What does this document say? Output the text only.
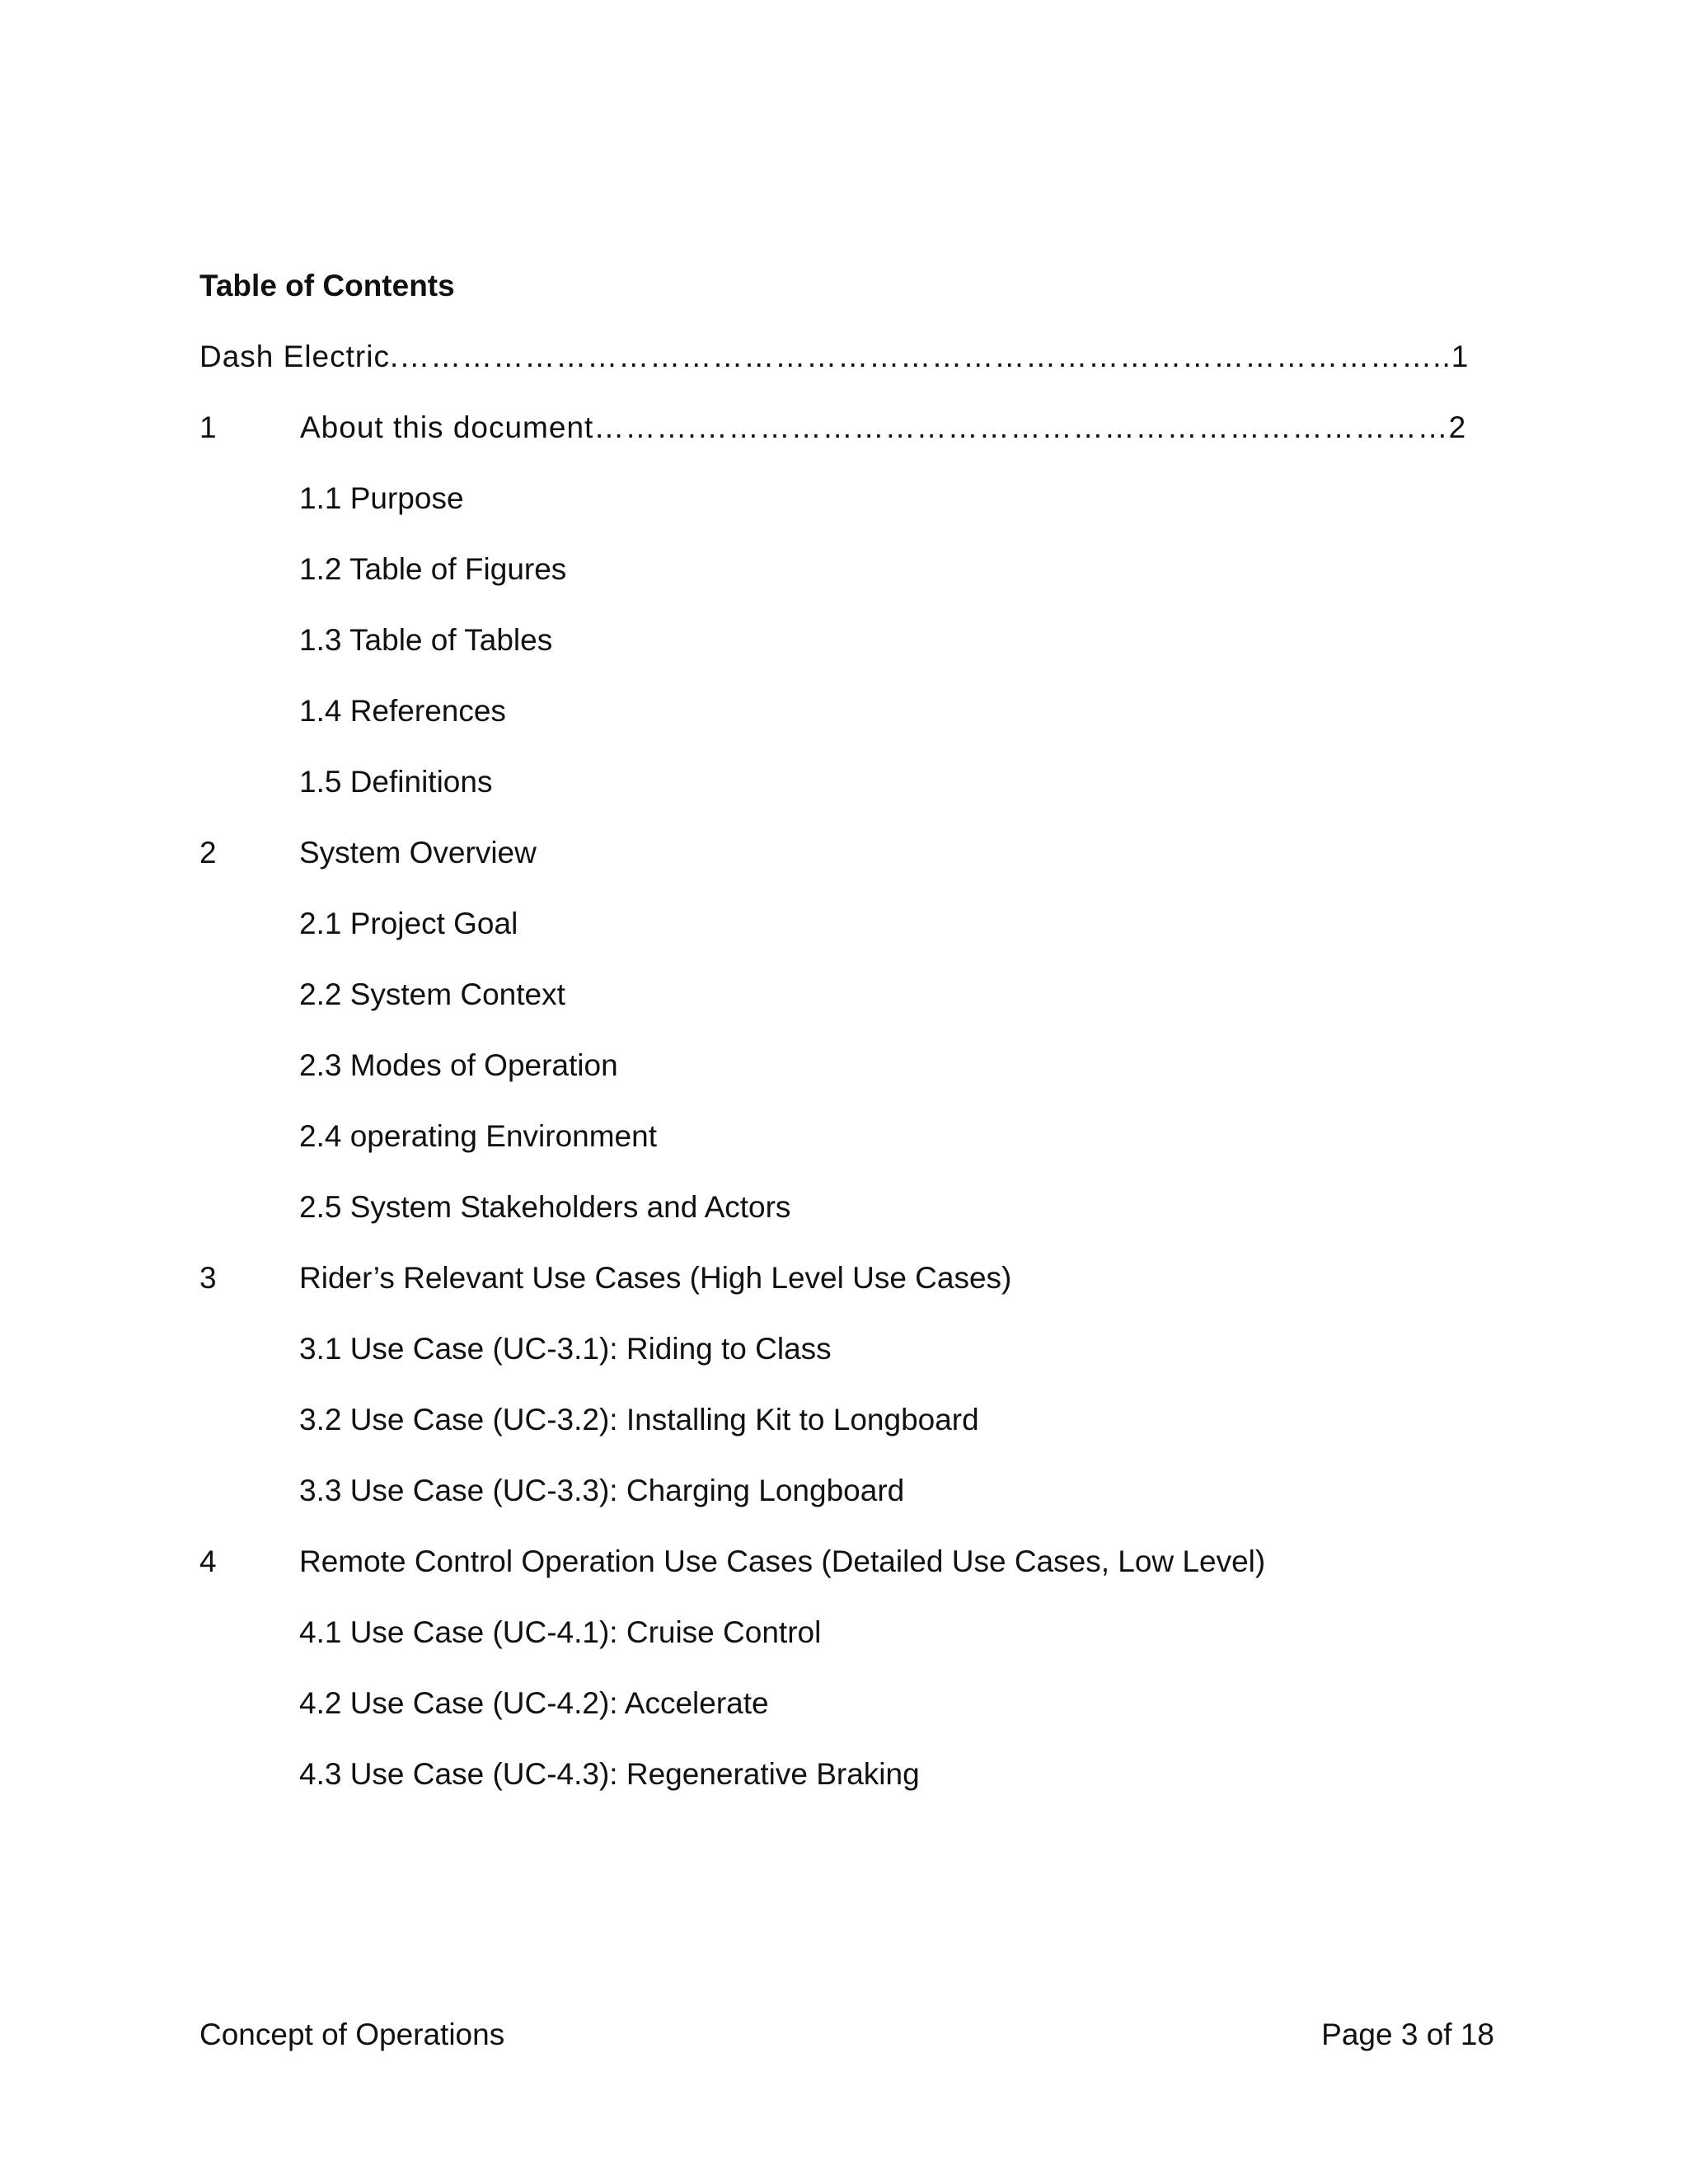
Table of Contents
Dash Electric.………………………………………………………………………………………..1
1	About this document……….………………………………………………………………2
1.1 Purpose
1.2 Table of Figures
1.3 Table of Tables
1.4 References
1.5 Definitions
2	System Overview
2.1 Project Goal
2.2 System Context
2.3 Modes of Operation
2.4 operating Environment
2.5 System Stakeholders and Actors
3	Rider’s Relevant Use Cases (High Level Use Cases)
3.1 Use Case (UC-3.1): Riding to Class
3.2 Use Case (UC-3.2): Installing Kit to Longboard
3.3 Use Case (UC-3.3): Charging Longboard
4	Remote Control Operation Use Cases (Detailed Use Cases, Low Level)
4.1 Use Case (UC-4.1): Cruise Control
4.2 Use Case (UC-4.2): Accelerate
4.3 Use Case (UC-4.3): Regenerative Braking
Concept of Operations	Page 3 of 18
